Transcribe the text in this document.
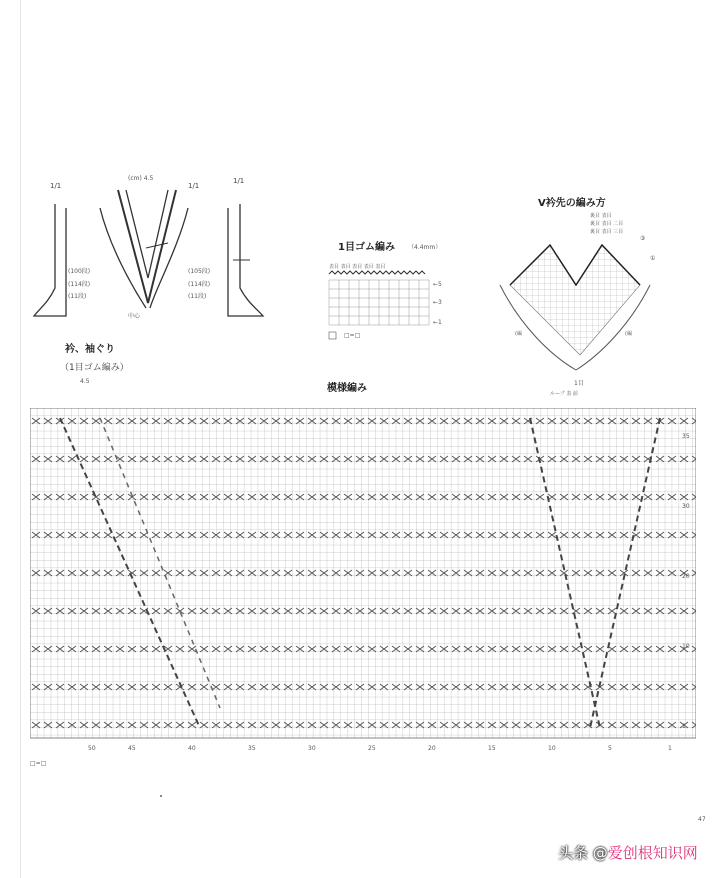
1/1	1/1
1/1
(cm) 4.5
(100段)
(114段)
(11段)
(105段)
(114段)
(11段)
中心
衿、袖ぐり
（1目ゴム編み）
4.5
1目ゴム編み （4.4mm）
表目 表目 表目 表目 表目
←5
←3
←1
□=□
V衿先の編み方
裏目 表目
裏目 表目 二目
裏目 表目 三目
③
①
(編	(編
1目
ループ 表 前
模様編み
50	45	40	35	30	25	20	15	10	5	1
35
30
20
10
1
□=□
47
头条 @爱创根知识网
